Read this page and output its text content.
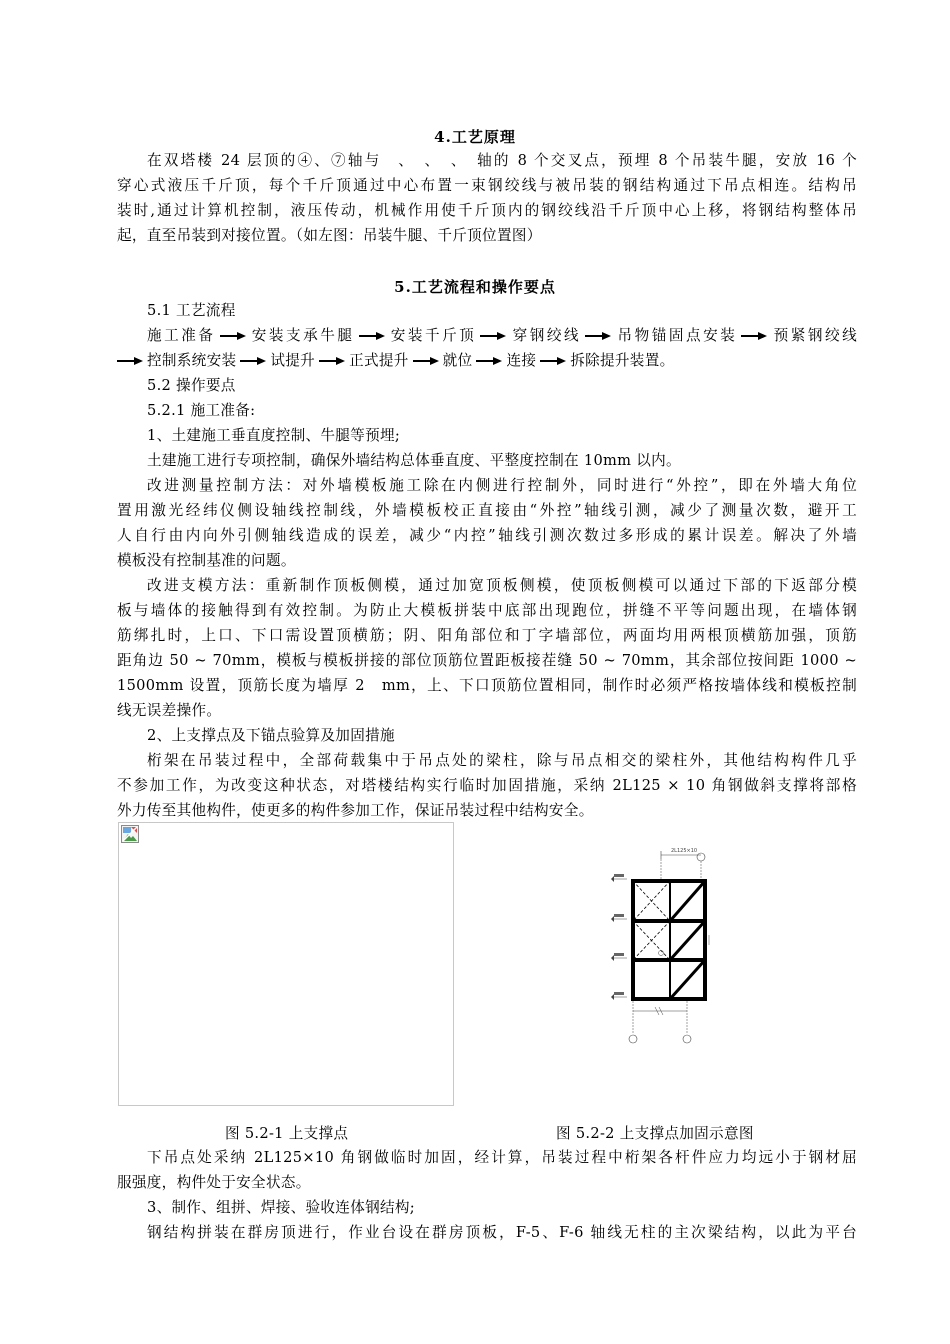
4.工艺原理
在双塔楼 24 层顶的④、⑦轴与　、　、　、　轴的 8 个交叉点，预埋 8 个吊装牛腿，安放 16 个
穿心式液压千斤顶，每个千斤顶通过中心布置一束钢绞线与被吊装的钢结构通过下吊点相连。结构吊
装时,通过计算机控制，液压传动，机械作用使千斤顶内的钢绞线沿千斤顶中心上移，将钢结构整体吊
起，直至吊装到对接位置。（如左图：吊装牛腿、千斤顶位置图）
5.工艺流程和操作要点
5.1 工艺流程
施工准备 安装支承牛腿 安装千斤顶 穿钢绞线 吊物锚固点安装 预紧钢绞线
控制系统安装 试提升 正式提升 就位 连接 拆除提升装置。
5.2 操作要点
5.2.1 施工准备:
1、土建施工垂直度控制、牛腿等预埋;
土建施工进行专项控制，确保外墙结构总体垂直度、平整度控制在 10mm 以内。
改进测量控制方法：对外墙模板施工除在内侧进行控制外，同时进行“外控”，即在外墙大角位
置用激光经纬仪侧设轴线控制线，外墙模板校正直接由“外控”轴线引测，减少了测量次数，避开工
人自行由内向外引侧轴线造成的误差，减少“内控”轴线引测次数过多形成的累计误差。解决了外墙
模板没有控制基准的问题。
改进支模方法：重新制作顶板侧模，通过加宽顶板侧模，使顶板侧模可以通过下部的下返部分模
板与墙体的接触得到有效控制。为防止大模板拼装中底部出现跑位，拼缝不平等问题出现，在墙体钢
筋绑扎时，上口、下口需设置顶横筋；阴、阳角部位和丁字墙部位，两面均用两根顶横筋加强，顶筋
距角边 50 ~ 70mm，模板与模板拼接的部位顶筋位置距板接茬缝 50 ~ 70mm，其余部位按间距 1000 ~
1500mm 设置，顶筋长度为墙厚 2　mm，上、下口顶筋位置相同，制作时必须严格按墙体线和模板控制
线无误差操作。
2、上支撑点及下锚点验算及加固措施
桁架在吊装过程中，全部荷载集中于吊点处的梁柱，除与吊点相交的梁柱外，其他结构构件几乎
不参加工作，为改变这种状态，对塔楼结构实行临时加固措施，采纳 2L125 × 10 角钢做斜支撑将部格
外力传至其他构件，使更多的构件参加工作，保证吊装过程中结构安全。
2L125×10
图 5.2-1 上支撑点	图 5.2-2 上支撑点加固示意图
下吊点处采纳 2L125×10 角钢做临时加固，经计算，吊装过程中桁架各杆件应力均远小于钢材屈
服强度，构件处于安全状态。
3、制作、组拼、焊接、验收连体钢结构;
钢结构拼装在群房顶进行，作业台设在群房顶板，F-5、F-6 轴线无柱的主次梁结构，以此为平台
